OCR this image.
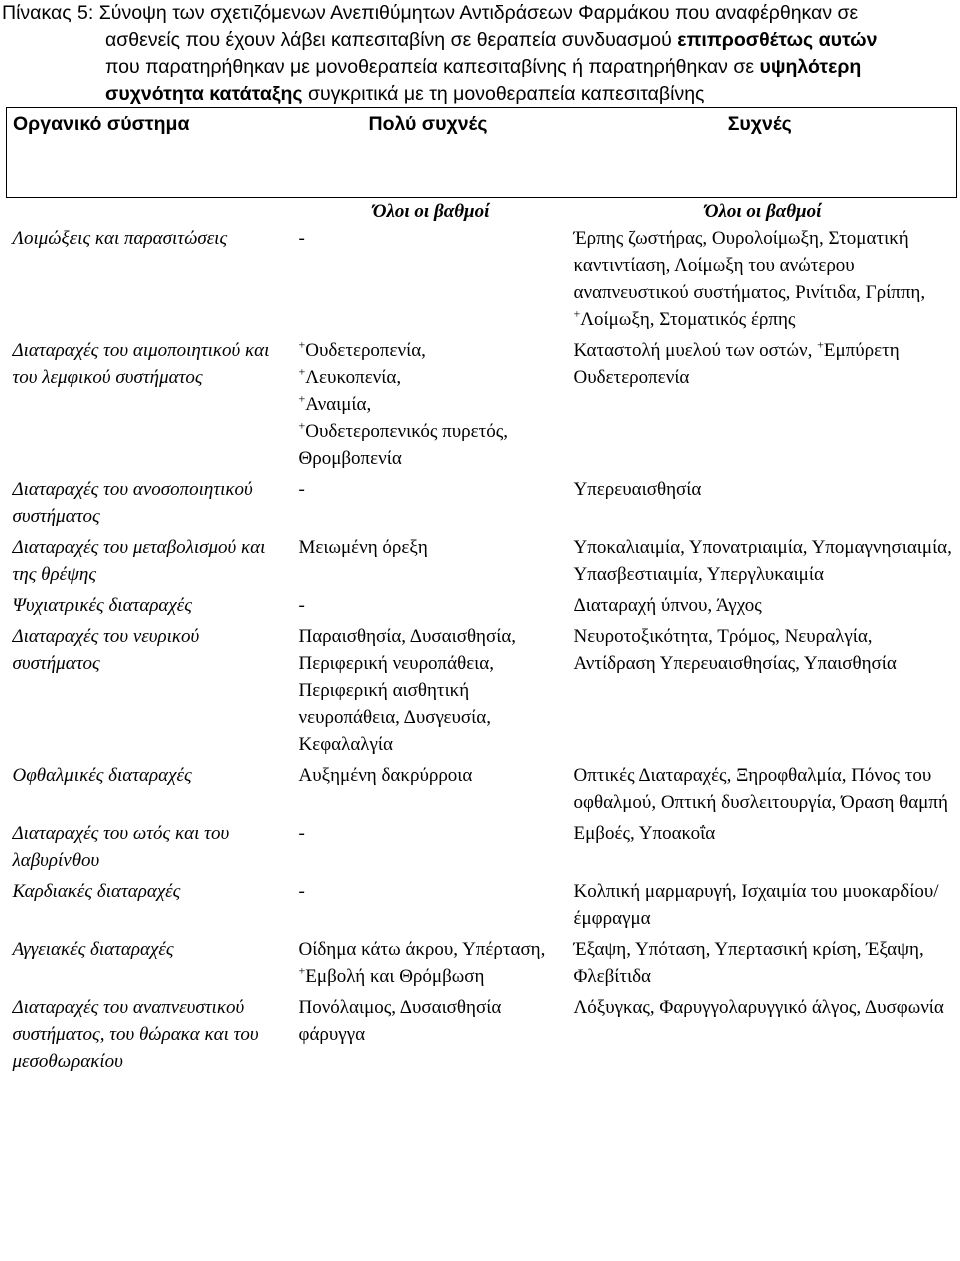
Πίνακας 5: Σύνοψη των σχετιζόμενων Ανεπιθύμητων Αντιδράσεων Φαρμάκου που αναφέρθηκαν σε
ασθενείς που έχουν λάβει καπεσιταβίνη σε θεραπεία συνδυασμού επιπροσθέτως αυτών
που παρατηρήθηκαν με μονοθεραπεία καπεσιταβίνης ή παρατηρήθηκαν σε υψηλότερη
συχνότητα κατάταξης συγκριτικά με τη μονοθεραπεία καπεσιταβίνης
Οργανικό σύστημα	Πολύ συχνές	Συχνές
	Όλοι οι βαθμοί	Όλοι οι βαθμοί
Λοιμώξεις και παρασιτώσεις	-	Έρπης ζωστήρας, Ουρολοίμωξη, Στοματική καντιντίαση, Λοίμωξη του ανώτερου αναπνευστικού συστήματος, Ρινίτιδα, Γρίππη, +Λοίμωξη, Στοματικός έρπης
Διαταραχές του αιμοποιητικού και του λεμφικού συστήματος	+Ουδετεροπενία,
+Λευκοπενία,
+Αναιμία,
+Ουδετεροπενικός πυρετός, Θρομβοπενία	Καταστολή μυελού των οστών, +Εμπύρετη Ουδετεροπενία
Διαταραχές του ανοσοποιητικού συστήματος	-	Υπερευαισθησία
Διαταραχές του μεταβολισμού και της θρέψης	Μειωμένη όρεξη	Υποκαλιαιμία, Υπονατριαιμία, Υπομαγνησιαιμία, Υπασβεστιαιμία, Υπεργλυκαιμία
Ψυχιατρικές διαταραχές	-	Διαταραχή ύπνου, Άγχος
Διαταραχές του νευρικού συστήματος	Παραισθησία, Δυσαισθησία, Περιφερική νευροπάθεια, Περιφερική αισθητική νευροπάθεια, Δυσγευσία, Κεφαλαλγία	Νευροτοξικότητα, Τρόμος, Νευραλγία, Αντίδραση Υπερευαισθησίας, Υπαισθησία
Οφθαλμικές διαταραχές	Αυξημένη δακρύρροια	Οπτικές Διαταραχές, Ξηροφθαλμία, Πόνος του οφθαλμού, Οπτική δυσλειτουργία, Όραση θαμπή
Διαταραχές του ωτός και του λαβυρίνθου	-	Εμβοές, Υποακοΐα
Καρδιακές διαταραχές	-	Κολπική μαρμαρυγή, Ισχαιμία του μυοκαρδίου/έμφραγμα
Αγγειακές διαταραχές	Οίδημα κάτω άκρου, Υπέρταση, +Εμβολή και Θρόμβωση	Έξαψη, Υπόταση, Υπερτασική κρίση, Έξαψη, Φλεβίτιδα
Διαταραχές του αναπνευστικού συστήματος, του θώρακα και του μεσοθωρακίου	Πονόλαιμος, Δυσαισθησία φάρυγγα	Λόξυγκας, Φαρυγγολαρυγγικό άλγος, Δυσφωνία
